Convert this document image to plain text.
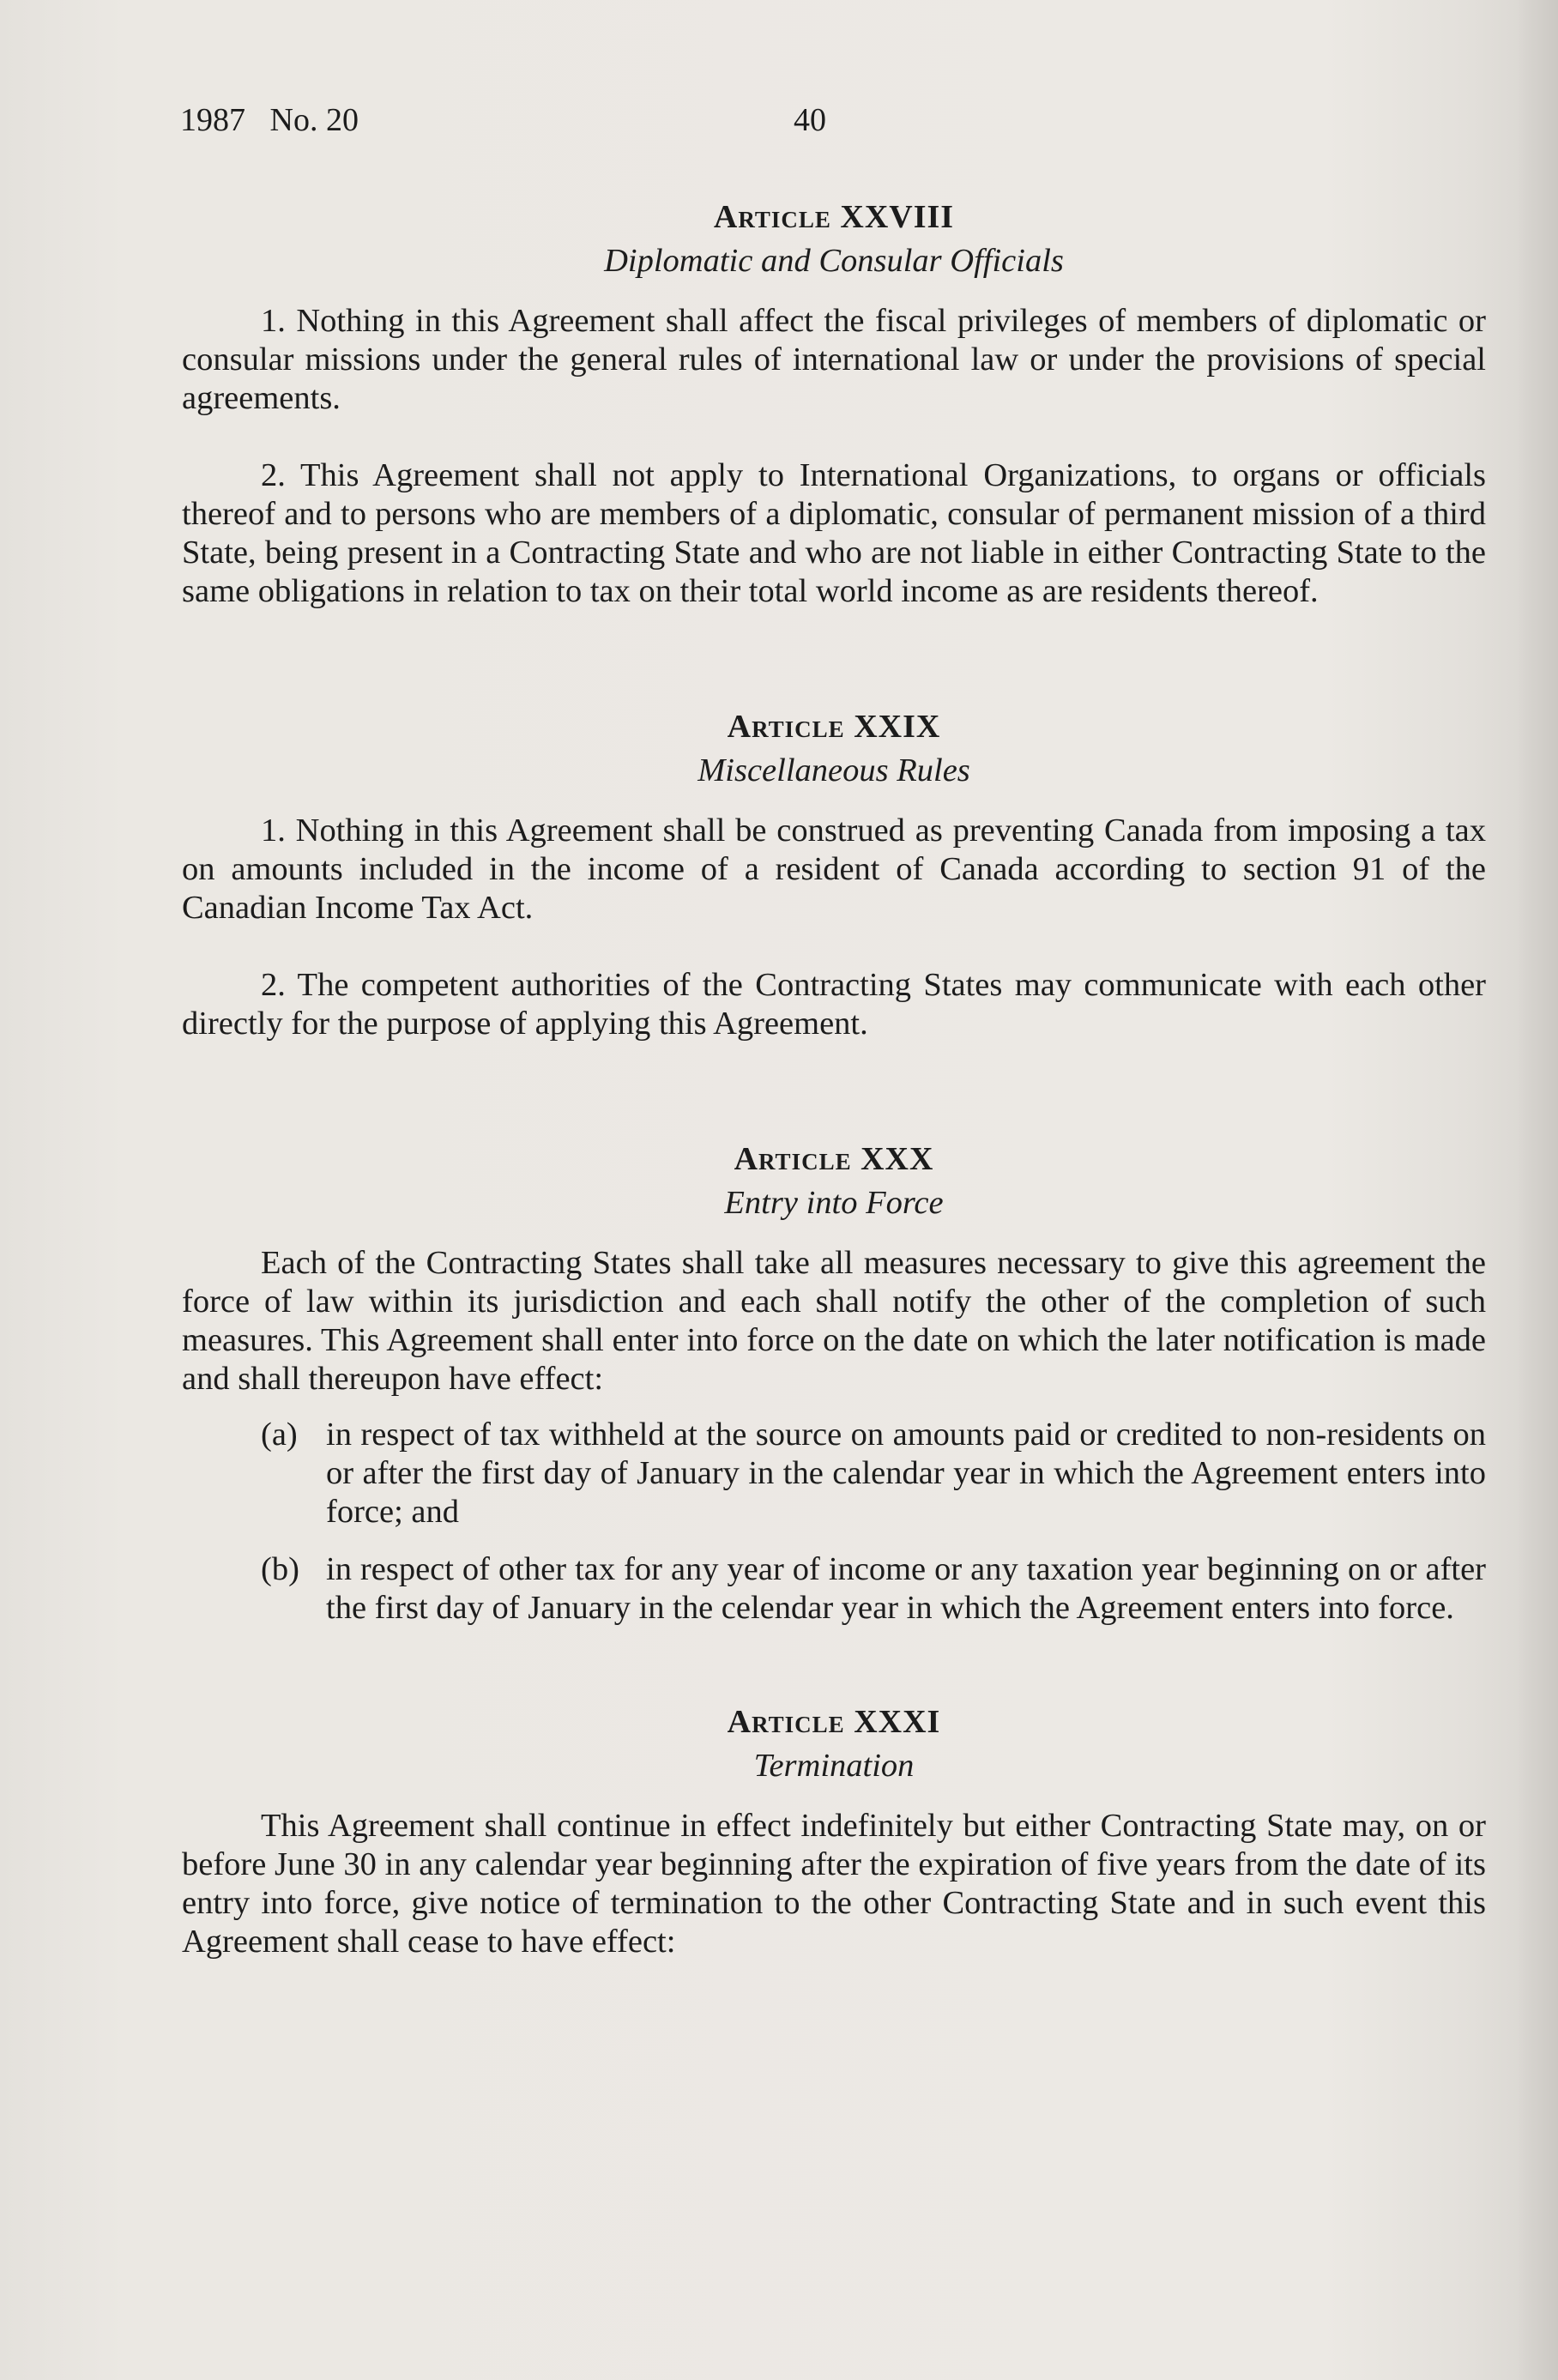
1987   No. 20	40
Article XXVIII

Diplomatic and Consular Officials

1. Nothing in this Agreement shall affect the fiscal privileges of members of diplomatic or consular missions under the general rules of international law or under the provisions of special agreements.

2. This Agreement shall not apply to International Organizations, to organs or officials thereof and to persons who are members of a diplomatic, consular of permanent mission of a third State, being present in a Contracting State and who are not liable in either Contracting State to the same obligations in relation to tax on their total world income as are residents thereof.

Article XXIX

Miscellaneous Rules

1. Nothing in this Agreement shall be construed as preventing Canada from imposing a tax on amounts included in the income of a resident of Canada according to section 91 of the Canadian Income Tax Act.

2. The competent authorities of the Contracting States may communicate with each other directly for the purpose of applying this Agreement.

Article XXX

Entry into Force

Each of the Contracting States shall take all measures necessary to give this agreement the force of law within its jurisdiction and each shall notify the other of the completion of such measures. This Agreement shall enter into force on the date on which the later notification is made and shall thereupon have effect:

(a) in respect of tax withheld at the source on amounts paid or credited to non-residents on or after the first day of January in the calendar year in which the Agreement enters into force; and
(b) in respect of other tax for any year of income or any taxation year beginning on or after the first day of January in the celendar year in which the Agreement enters into force.
Article XXXI

Termination

This Agreement shall continue in effect indefinitely but either Contracting State may, on or before June 30 in any calendar year beginning after the expiration of five years from the date of its entry into force, give notice of termination to the other Contracting State and in such event this Agreement shall cease to have effect:
